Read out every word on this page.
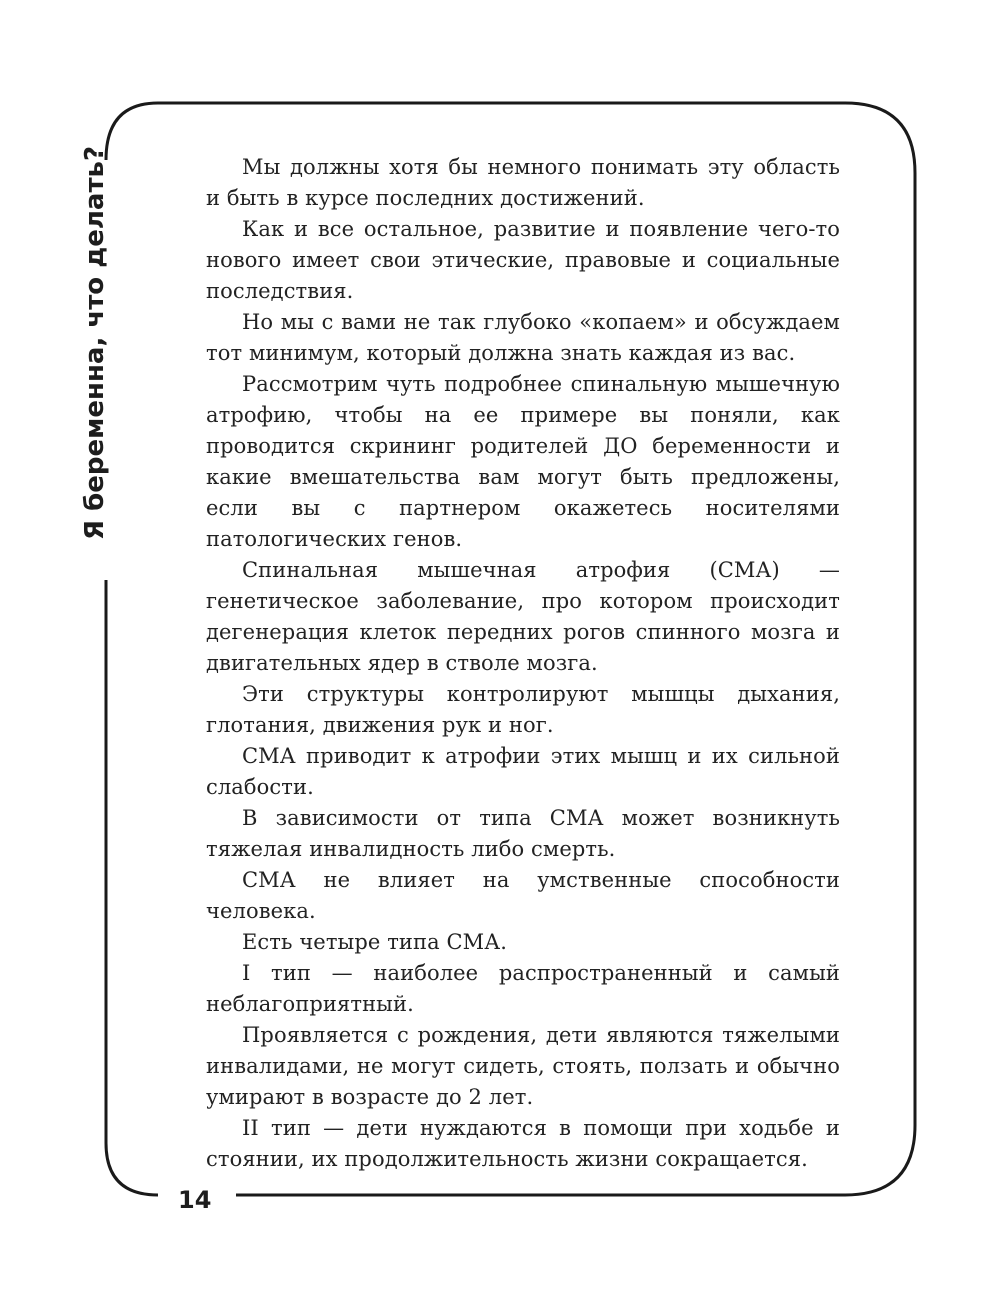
Я беременна, что делать?
14

Мы должны хотя бы немного понимать эту область и быть в курсе последних достижений.

Как и все остальное, развитие и появление чего-то нового имеет свои этические, правовые и социальные последствия.

Но мы с вами не так глубоко «копаем» и обсуждаем тот минимум, который должна знать каждая из вас.

Рассмотрим чуть подробнее спинальную мышечную атрофию, чтобы на ее примере вы поняли, как проводится скрининг родителей ДО беременности и какие вмешательства вам могут быть предложены, если вы с партнером окажетесь носителями патологических генов.

Спинальная мышечная атрофия (СМА) — генетическое заболевание, про котором происходит дегенерация клеток передних рогов спинного мозга и двигательных ядер в стволе мозга.

Эти структуры контролируют мышцы дыхания, глотания, движения рук и ног.

СМА приводит к атрофии этих мышц и их сильной слабости.

В зависимости от типа СМА может возникнуть тяжелая инвалидность либо смерть.

СМА не влияет на умственные способности человека.

Есть четыре типа СМА.

I тип — наиболее распространенный и самый неблагоприятный.

Проявляется с рождения, дети являются тяжелыми инвалидами, не могут сидеть, стоять, ползать и обычно умирают в возрасте до 2 лет.

II тип — дети нуждаются в помощи при ходьбе и стоянии, их продолжительность жизни сокращается.
